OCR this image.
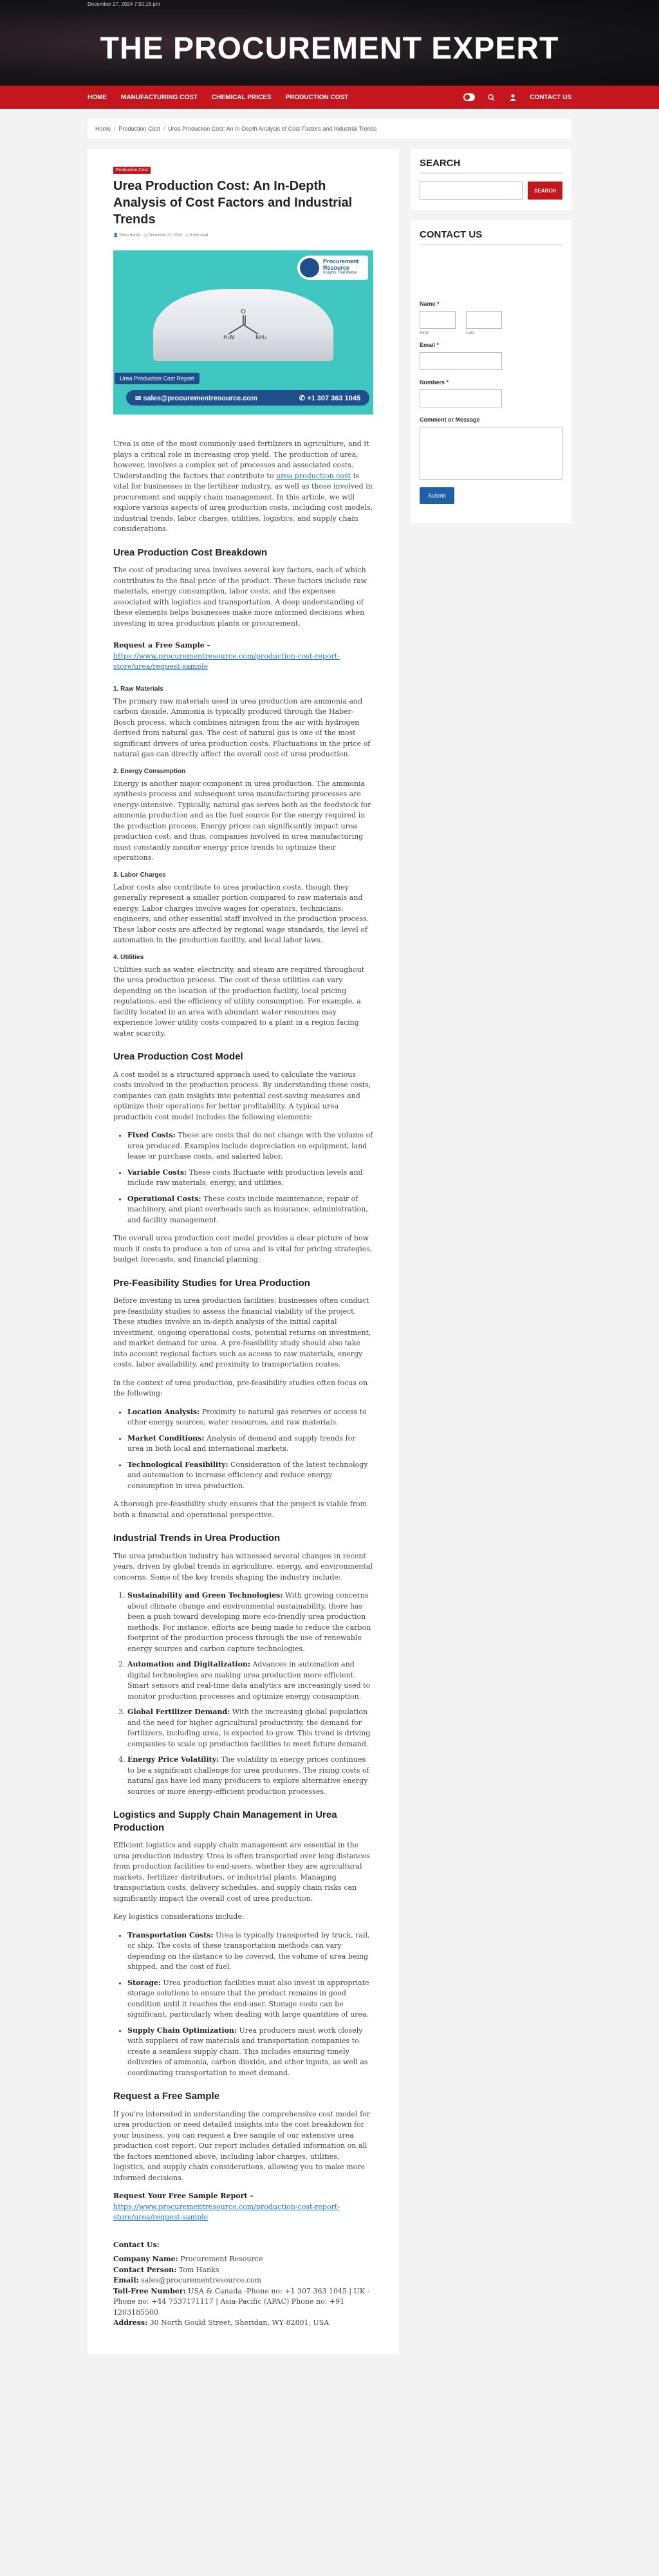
December 27, 2024 7:50:16 pm
THE PROCUREMENT EXPERT
HOME MANUFACTURING COST CHEMICAL PRICES PRODUCTION COST	CONTACT US
Home / Production Cost / Urea Production Cost: An In-Depth Analysis of Cost Factors and Industrial Trends
Production Cost
Urea Production Cost: An In-Depth Analysis of Cost Factors and Industrial Trends
👤 Tomo Hanks ◷ December 21, 2024 ◷ 5 min read
Procurement
Resource
Insights That Matter
O
H₂N	NH₂
Urea Production Cost Report
✉ sales@procurementresource.com	✆ +1 307 363 1045

Urea is one of the most commonly used fertilizers in agriculture, and it plays a critical role in increasing crop yield. The production of urea, however, involves a complex set of processes and associated costs. Understanding the factors that contribute to urea production cost is vital for businesses in the fertilizer industry, as well as those involved in procurement and supply chain management. In this article, we will explore various aspects of urea production costs, including cost models, industrial trends, labor charges, utilities, logistics, and supply chain considerations.

Urea Production Cost Breakdown

The cost of producing urea involves several key factors, each of which contributes to the final price of the product. These factors include raw materials, energy consumption, labor costs, and the expenses associated with logistics and transportation. A deep understanding of these elements helps businesses make more informed decisions when investing in urea production plants or procurement.

Request a Free Sample –
https://www.procurementresource.com/production-cost-report-store/urea/request-sample

1. Raw Materials

The primary raw materials used in urea production are ammonia and carbon dioxide. Ammonia is typically produced through the Haber-Bosch process, which combines nitrogen from the air with hydrogen derived from natural gas. The cost of natural gas is one of the most significant drivers of urea production costs. Fluctuations in the price of natural gas can directly affect the overall cost of urea production.

2. Energy Consumption

Energy is another major component in urea production. The ammonia synthesis process and subsequent urea manufacturing processes are energy-intensive. Typically, natural gas serves both as the feedstock for ammonia production and as the fuel source for the energy required in the production process. Energy prices can significantly impact urea production cost, and thus, companies involved in urea manufacturing must constantly monitor energy price trends to optimize their operations.

3. Labor Charges

Labor costs also contribute to urea production costs, though they generally represent a smaller portion compared to raw materials and energy. Labor charges involve wages for operators, technicians, engineers, and other essential staff involved in the production process. These labor costs are affected by regional wage standards, the level of automation in the production facility, and local labor laws.

4. Utilities

Utilities such as water, electricity, and steam are required throughout the urea production process. The cost of these utilities can vary depending on the location of the production facility, local pricing regulations, and the efficiency of utility consumption. For example, a facility located in an area with abundant water resources may experience lower utility costs compared to a plant in a region facing water scarcity.

Urea Production Cost Model

A cost model is a structured approach used to calculate the various costs involved in the production process. By understanding these costs, companies can gain insights into potential cost-saving measures and optimize their operations for better profitability. A typical urea production cost model includes the following elements:

• Fixed Costs: These are costs that do not change with the volume of urea produced. Examples include depreciation on equipment, land lease or purchase costs, and salaried labor.
• Variable Costs: These costs fluctuate with production levels and include raw materials, energy, and utilities.
• Operational Costs: These costs include maintenance, repair of machinery, and plant overheads such as insurance, administration, and facility management.

The overall urea production cost model provides a clear picture of how much it costs to produce a ton of urea and is vital for pricing strategies, budget forecasts, and financial planning.

Pre-Feasibility Studies for Urea Production

Before investing in urea production facilities, businesses often conduct pre-feasibility studies to assess the financial viability of the project. These studies involve an in-depth analysis of the initial capital investment, ongoing operational costs, potential returns on investment, and market demand for urea. A pre-feasibility study should also take into account regional factors such as access to raw materials, energy costs, labor availability, and proximity to transportation routes.

In the context of urea production, pre-feasibility studies often focus on the following:

• Location Analysis: Proximity to natural gas reserves or access to other energy sources, water resources, and raw materials.
• Market Conditions: Analysis of demand and supply trends for urea in both local and international markets.
• Technological Feasibility: Consideration of the latest technology and automation to increase efficiency and reduce energy consumption in urea production.

A thorough pre-feasibility study ensures that the project is viable from both a financial and operational perspective.

Industrial Trends in Urea Production

The urea production industry has witnessed several changes in recent years, driven by global trends in agriculture, energy, and environmental concerns. Some of the key trends shaping the industry include:

1. Sustainability and Green Technologies: With growing concerns about climate change and environmental sustainability, there has been a push toward developing more eco-friendly urea production methods. For instance, efforts are being made to reduce the carbon footprint of the production process through the use of renewable energy sources and carbon capture technologies.
2. Automation and Digitalization: Advances in automation and digital technologies are making urea production more efficient. Smart sensors and real-time data analytics are increasingly used to monitor production processes and optimize energy consumption.
3. Global Fertilizer Demand: With the increasing global population and the need for higher agricultural productivity, the demand for fertilizers, including urea, is expected to grow. This trend is driving companies to scale up production facilities to meet future demand.
4. Energy Price Volatility: The volatility in energy prices continues to be a significant challenge for urea producers. The rising costs of natural gas have led many producers to explore alternative energy sources or more energy-efficient production processes.
Logistics and Supply Chain Management in Urea Production

Efficient logistics and supply chain management are essential in the urea production industry. Urea is often transported over long distances from production facilities to end-users, whether they are agricultural markets, fertilizer distributors, or industrial plants. Managing transportation costs, delivery schedules, and supply chain risks can significantly impact the overall cost of urea production.

Key logistics considerations include:

• Transportation Costs: Urea is typically transported by truck, rail, or ship. The costs of these transportation methods can vary depending on the distance to be covered, the volume of urea being shipped, and the cost of fuel.
• Storage: Urea production facilities must also invest in appropriate storage solutions to ensure that the product remains in good condition until it reaches the end-user. Storage costs can be significant, particularly when dealing with large quantities of urea.
• Supply Chain Optimization: Urea producers must work closely with suppliers of raw materials and transportation companies to create a seamless supply chain. This includes ensuring timely deliveries of ammonia, carbon dioxide, and other inputs, as well as coordinating transportation to meet demand.
Request a Free Sample

If you're interested in understanding the comprehensive cost model for urea production or need detailed insights into the cost breakdown for your business, you can request a free sample of our extensive urea production cost report. Our report includes detailed information on all the factors mentioned above, including labor charges, utilities, logistics, and supply chain considerations, allowing you to make more informed decisions.

Request Your Free Sample Report –
https://www.procurementresource.com/production-cost-report-store/urea/request-sample

Contact Us:

Company Name: Procurement Resource

Contact Person: Tom Hanks

Email: sales@procurementresource.com

Toll-Free Number: USA & Canada -Phone no: +1 307 363 1045 | UK -Phone no: +44 7537171117 | Asia-Pacific (APAC) Phone no: +91 1203185500

Address: 30 North Gould Street, Sheridan, WY 82801, USA

SEARCH
SEARCH
CONTACT US
Name *
First	Last
Email *
Numbers *
Comment or Message
Submit
